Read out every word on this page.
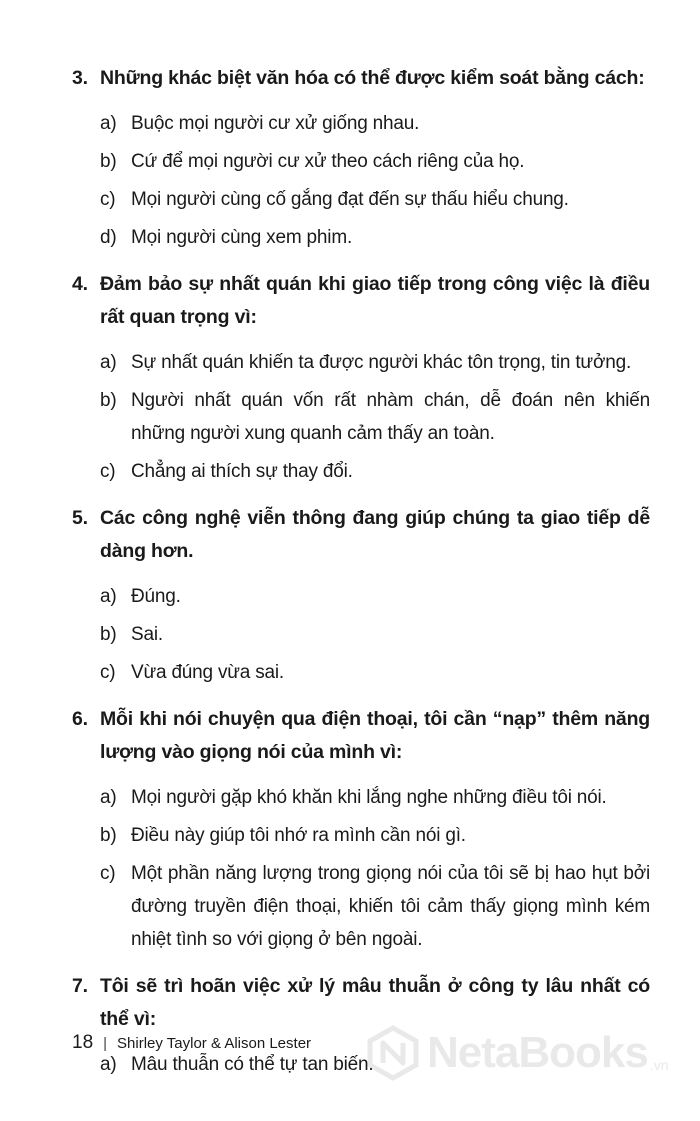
3. Những khác biệt văn hóa có thể được kiểm soát bằng cách:
a) Buộc mọi người cư xử giống nhau.
b) Cứ để mọi người cư xử theo cách riêng của họ.
c) Mọi người cùng cố gắng đạt đến sự thấu hiểu chung.
d) Mọi người cùng xem phim.
4. Đảm bảo sự nhất quán khi giao tiếp trong công việc là điều rất quan trọng vì:
a) Sự nhất quán khiến ta được người khác tôn trọng, tin tưởng.
b) Người nhất quán vốn rất nhàm chán, dễ đoán nên khiến những người xung quanh cảm thấy an toàn.
c) Chẳng ai thích sự thay đổi.
5. Các công nghệ viễn thông đang giúp chúng ta giao tiếp dễ dàng hơn.
a) Đúng.
b) Sai.
c) Vừa đúng vừa sai.
6. Mỗi khi nói chuyện qua điện thoại, tôi cần “nạp” thêm năng lượng vào giọng nói của mình vì:
a) Mọi người gặp khó khăn khi lắng nghe những điều tôi nói.
b) Điều này giúp tôi nhớ ra mình cần nói gì.
c) Một phần năng lượng trong giọng nói của tôi sẽ bị hao hụt bởi đường truyền điện thoại, khiến tôi cảm thấy giọng mình kém nhiệt tình so với giọng ở bên ngoài.
7. Tôi sẽ trì hoãn việc xử lý mâu thuẫn ở công ty lâu nhất có thể vì:
a) Mâu thuẫn có thể tự tan biến.
18 | Shirley Taylor & Alison Lester	NetaBooks .vn
